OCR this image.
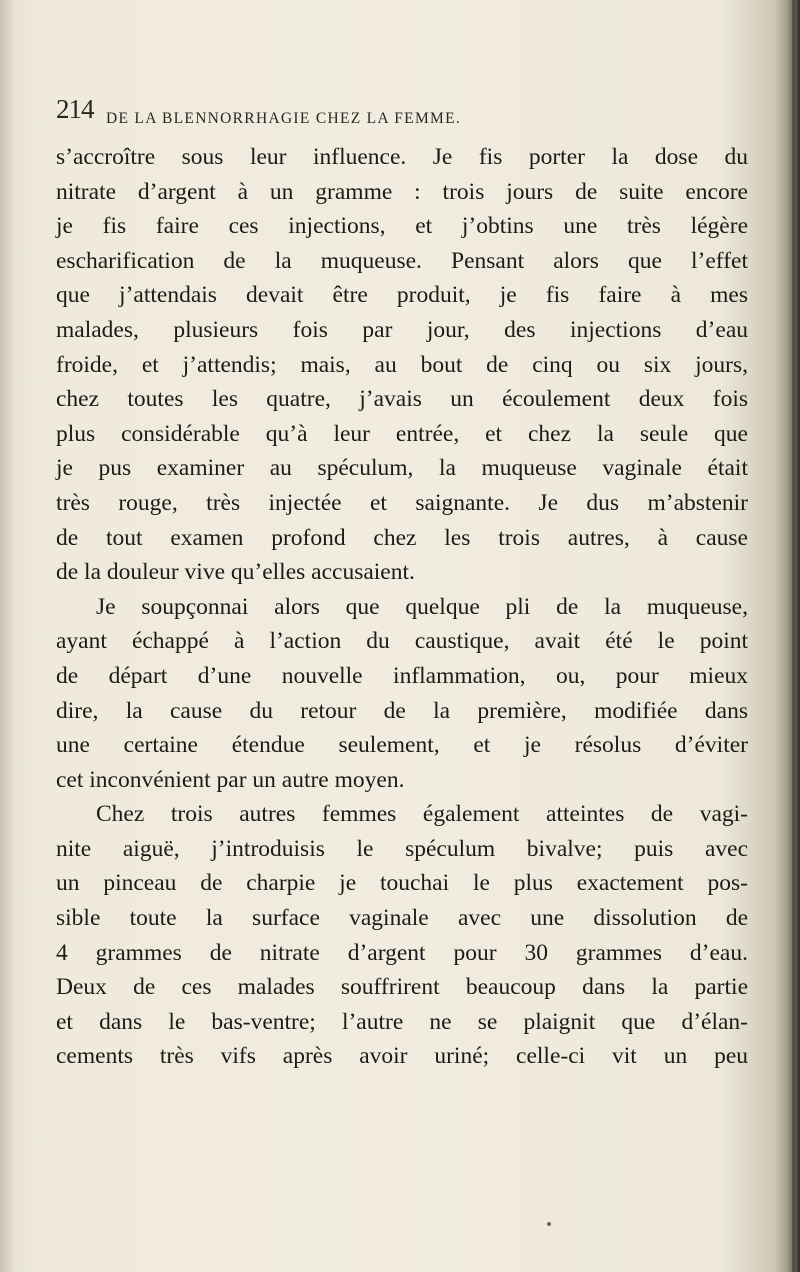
214 DE LA BLENNORRHAGIE CHEZ LA FEMME.
s’accroître sous leur influence. Je fis porter la dose du
nitrate d’argent à un gramme : trois jours de suite encore
je fis faire ces injections, et j’obtins une très légère
escharification de la muqueuse. Pensant alors que l’effet
que j’attendais devait être produit, je fis faire à mes
malades, plusieurs fois par jour, des injections d’eau
froide, et j’attendis; mais, au bout de cinq ou six jours,
chez toutes les quatre, j’avais un écoulement deux fois
plus considérable qu’à leur entrée, et chez la seule que
je pus examiner au spéculum, la muqueuse vaginale était
très rouge, très injectée et saignante. Je dus m’abstenir
de tout examen profond chez les trois autres, à cause
de la douleur vive qu’elles accusaient.
Je soupçonnai alors que quelque pli de la muqueuse,
ayant échappé à l’action du caustique, avait été le point
de départ d’une nouvelle inflammation, ou, pour mieux
dire, la cause du retour de la première, modifiée dans
une certaine étendue seulement, et je résolus d’éviter
cet inconvénient par un autre moyen.
Chez trois autres femmes également atteintes de vagi-
nite aiguë, j’introduisis le spéculum bivalve; puis avec
un pinceau de charpie je touchai le plus exactement pos-
sible toute la surface vaginale avec une dissolution de
4 grammes de nitrate d’argent pour 30 grammes d’eau.
Deux de ces malades souffrirent beaucoup dans la partie
et dans le bas-ventre; l’autre ne se plaignit que d’élan-
cements très vifs après avoir uriné; celle-ci vit un peu
